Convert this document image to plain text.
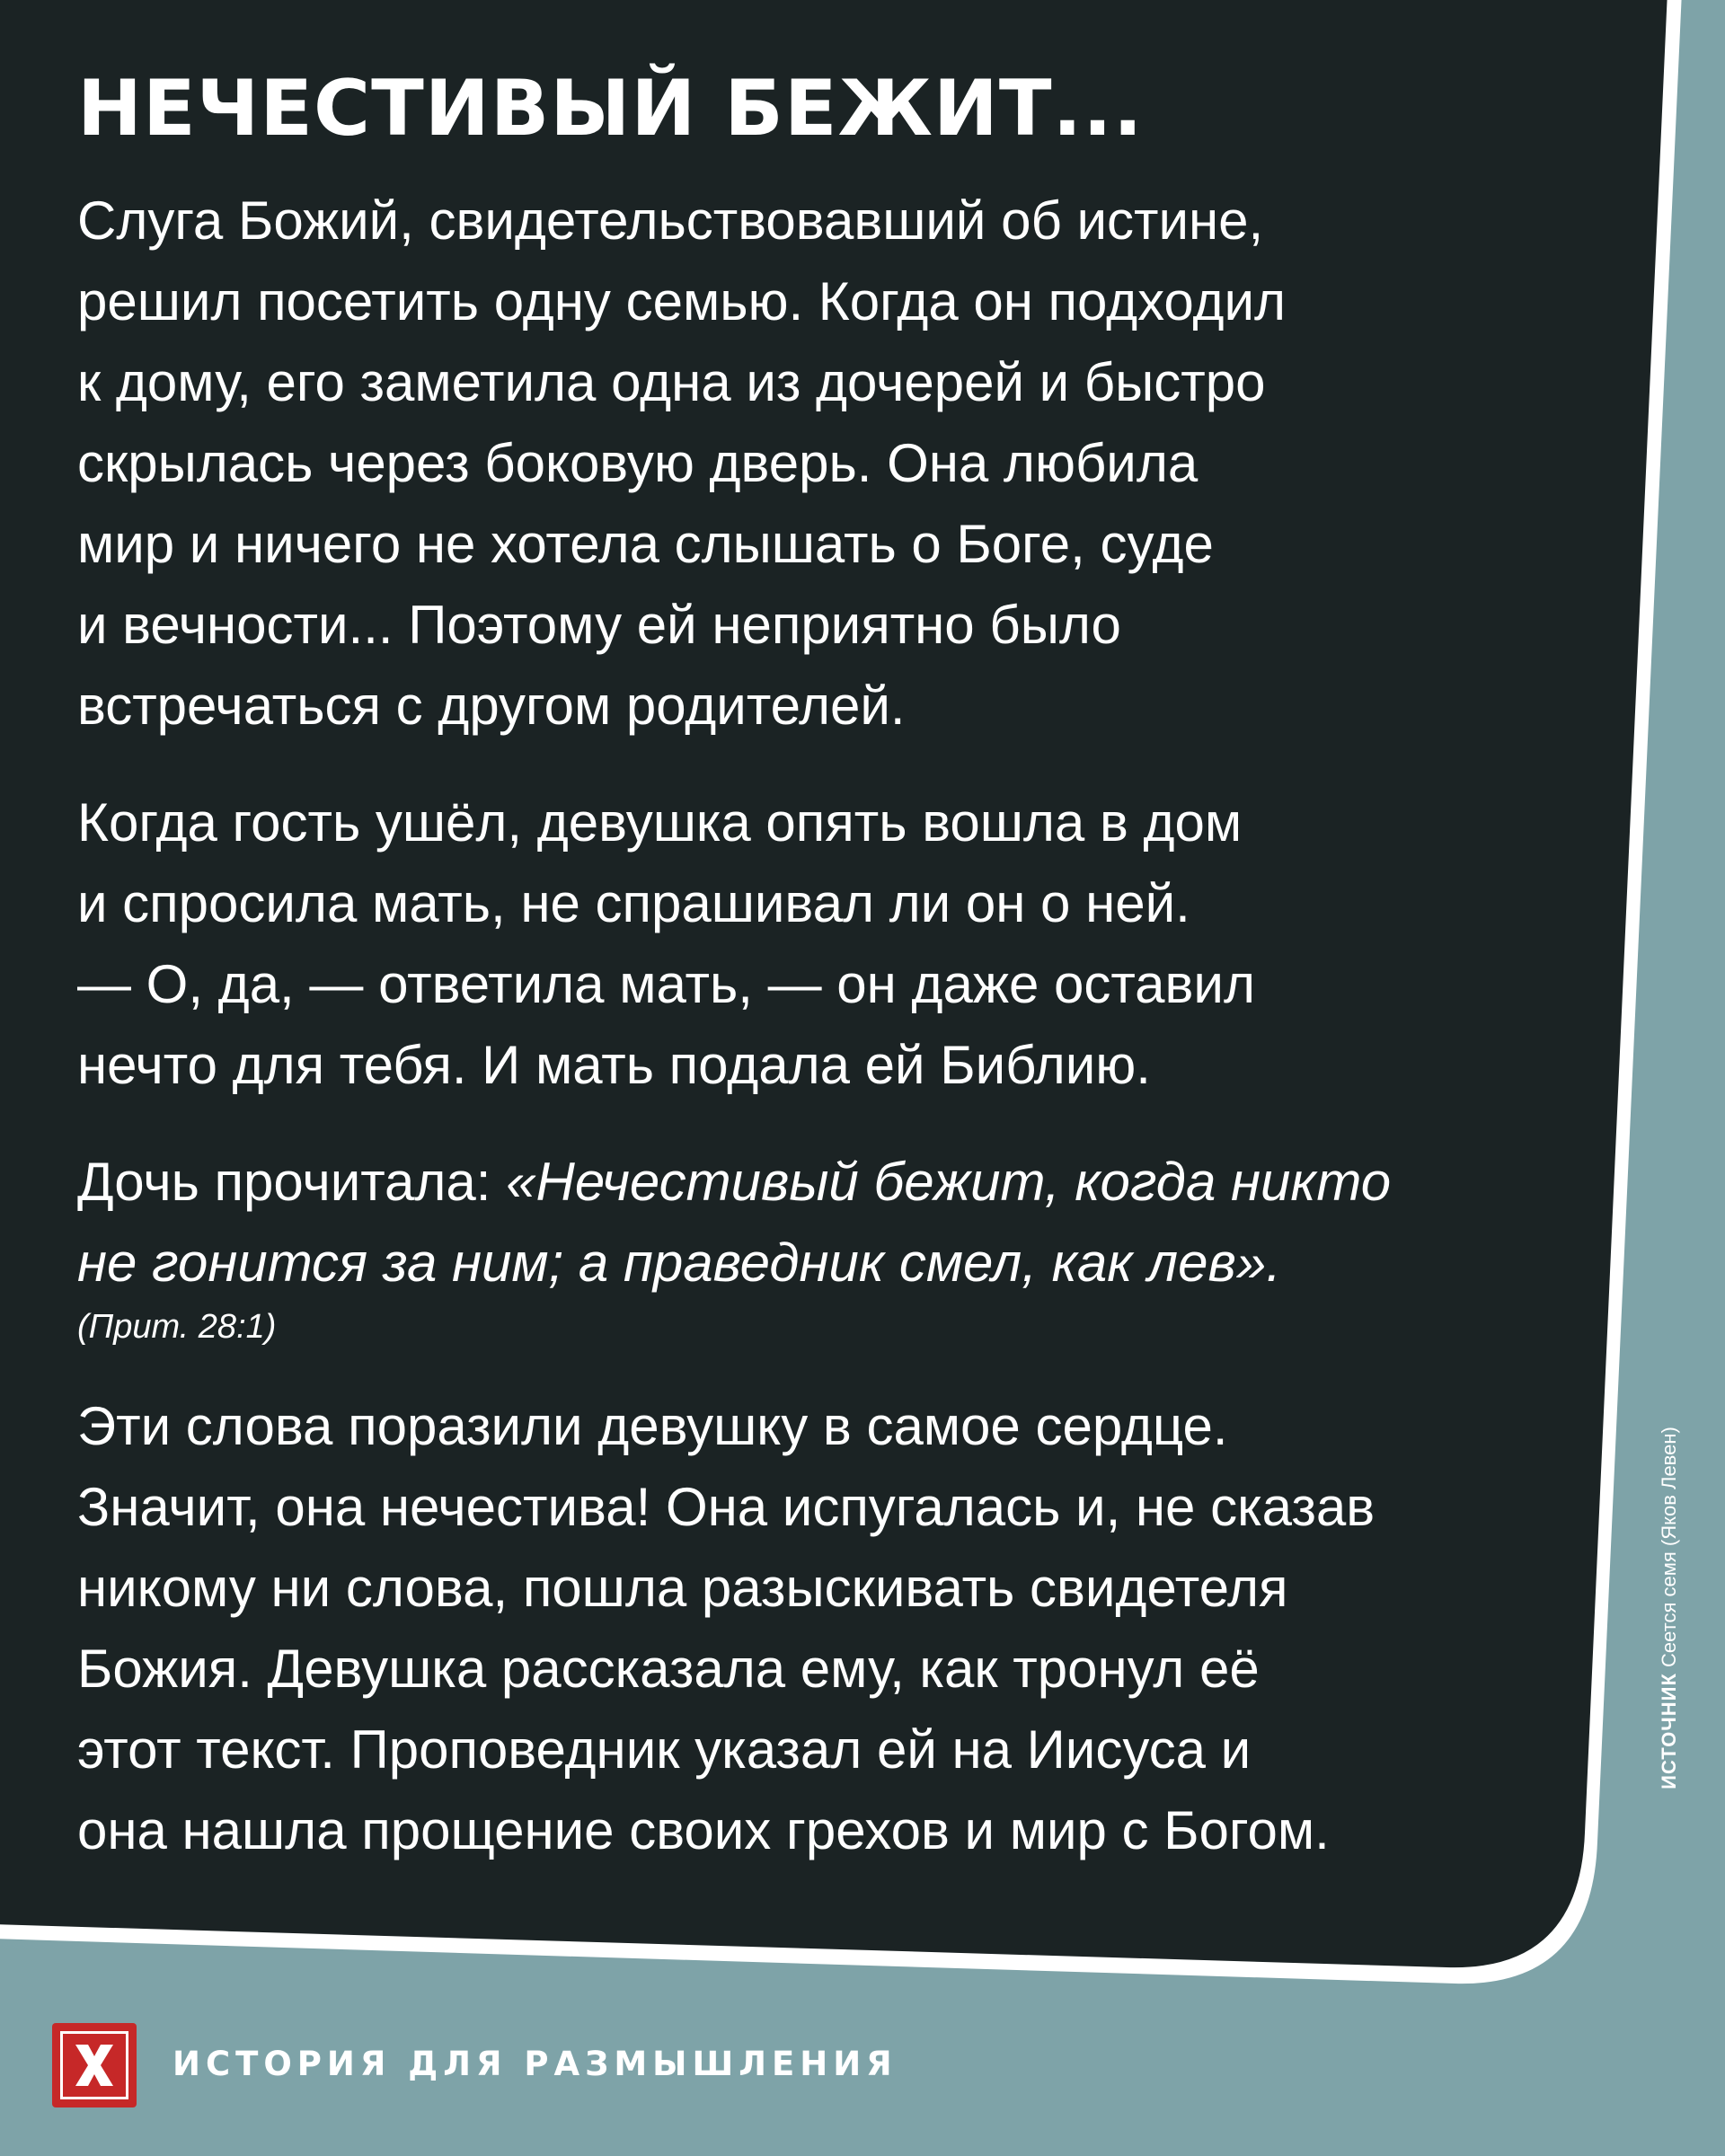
НЕЧЕСТИВЫЙ БЕЖИТ...

Слуга Божий, свидетельствовавший об истине,
решил посетить одну семью. Когда он подходил
к дому, его заметила одна из дочерей и быстро
скрылась через боковую дверь. Она любила
мир и ничего не хотела слышать о Боге, суде
и вечности... Поэтому ей неприятно было
встречаться с другом родителей.

Когда гость ушёл, девушка опять вошла в дом
и спросила мать, не спрашивал ли он о ней.
— О, да, — ответила мать, — он даже оставил
нечто для тебя. И мать подала ей Библию.

Дочь прочитала: «Нечестивый бежит, когда никто
не гонится за ним; а праведник смел, как лев».
(Прит. 28:1)

Эти слова поразили девушку в самое сердце.
Значит, она нечестива! Она испугалась и, не сказав
никому ни слова, пошла разыскивать свидетеля
Божия. Девушка рассказала ему, как тронул её
этот текст. Проповедник указал ей на Иисуса и
она нашла прощение своих грехов и мир с Богом.

ИСТОЧНИК Сеется семя (Яков Левен)
ИСТОРИЯ ДЛЯ РАЗМЫШЛЕНИЯ
